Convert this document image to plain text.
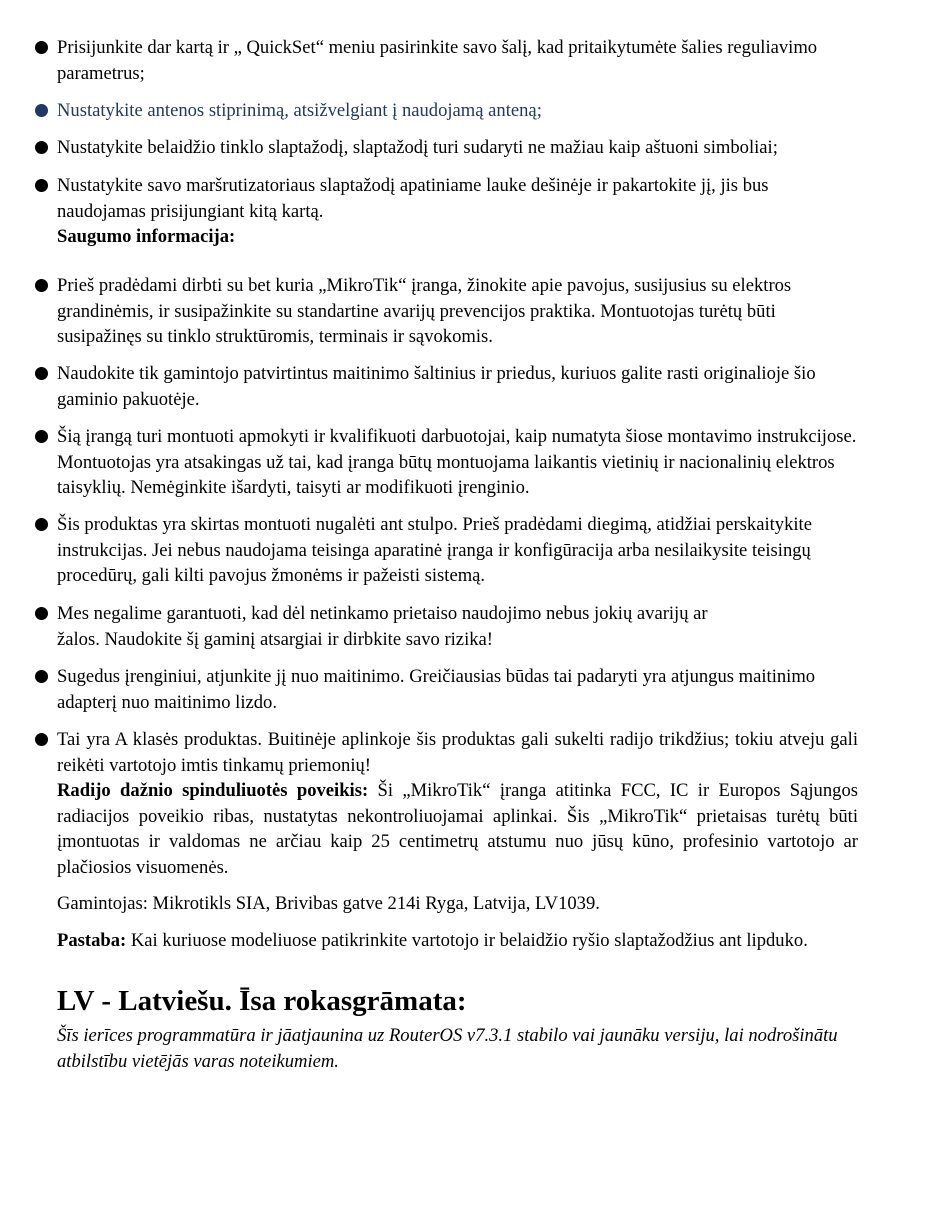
Prisijunkite dar kartą ir „ QuickSet“ meniu pasirinkite savo šalį, kad pritaikytumėte šalies reguliavimo parametrus;
Nustatykite antenos stiprinimą, atsižvelgiant į naudojamą anteną;
Nustatykite belaidžio tinklo slaptažodį, slaptažodį turi sudaryti ne mažiau kaip aštuoni simboliai;
Nustatykite savo maršrutizatoriaus slaptažodį apatiniame lauke dešinėje ir pakartokite jį, jis bus naudojamas prisijungiant kitą kartą.
Saugumo informacija:
Prieš pradėdami dirbti su bet kuria „MikroTik“ įranga, žinokite apie pavojus, susijusius su elektros grandinėmis, ir susipažinkite su standartine avarijų prevencijos praktika. Montuotojas turėtų būti susipažinęs su tinklo struktūromis, terminais ir sąvokomis.
Naudokite tik gamintojo patvirtintus maitinimo šaltinius ir priedus, kuriuos galite rasti originalioje šio gaminio pakuotėje.
Šią įrangą turi montuoti apmokyti ir kvalifikuoti darbuotojai, kaip numatyta šiose montavimo instrukcijose. Montuotojas yra atsakingas už tai, kad įranga būtų montuojama laikantis vietinių ir nacionalinių elektros taisyklių. Nemėginkite išardyti, taisyti ar modifikuoti įrenginio.
Šis produktas yra skirtas montuoti nugalėti ant stulpo. Prieš pradėdami diegimą, atidžiai perskaitykite instrukcijas. Jei nebus naudojama teisinga aparatinė įranga ir konfigūracija arba nesilaikysite teisingų procedūrų, gali kilti pavojus žmonėms ir pažeisti sistemą.
Mes negalime garantuoti, kad dėl netinkamo prietaiso naudojimo nebus jokių avarijų ar
žalos. Naudokite šį gaminį atsargiai ir dirbkite savo rizika!
Sugedus įrenginiui, atjunkite jį nuo maitinimo. Greičiausias būdas tai padaryti yra atjungus maitinimo adapterį nuo maitinimo lizdo.
Tai yra A klasės produktas. Buitinėje aplinkoje šis produktas gali sukelti radijo trikdžius; tokiu atveju gali reikėti vartotojo imtis tinkamų priemonių!
Radijo dažnio spinduliuotės poveikis: Ši „MikroTik“ įranga atitinka FCC, IC ir Europos Sąjungos radiacijos poveikio ribas, nustatytas nekontroliuojamai aplinkai. Šis „MikroTik“ prietaisas turėtų būti įmontuotas ir valdomas ne arčiau kaip 25 centimetrų atstumu nuo jūsų kūno, profesinio vartotojo ar plačiosios visuomenės.
Gamintojas: Mikrotikls SIA, Brivibas gatve 214i Ryga, Latvija, LV1039.
Pastaba: Kai kuriuose modeliuose patikrinkite vartotojo ir belaidžio ryšio slaptažodžius ant lipduko.
LV - Latviešu. Īsa rokasgrāmata:
Šīs ierīces programmatūra ir jāatjaunina uz RouterOS v7.3.1 stabilo vai jaunāku versiju, lai nodrošinātu atbilstību vietējās varas noteikumiem.
